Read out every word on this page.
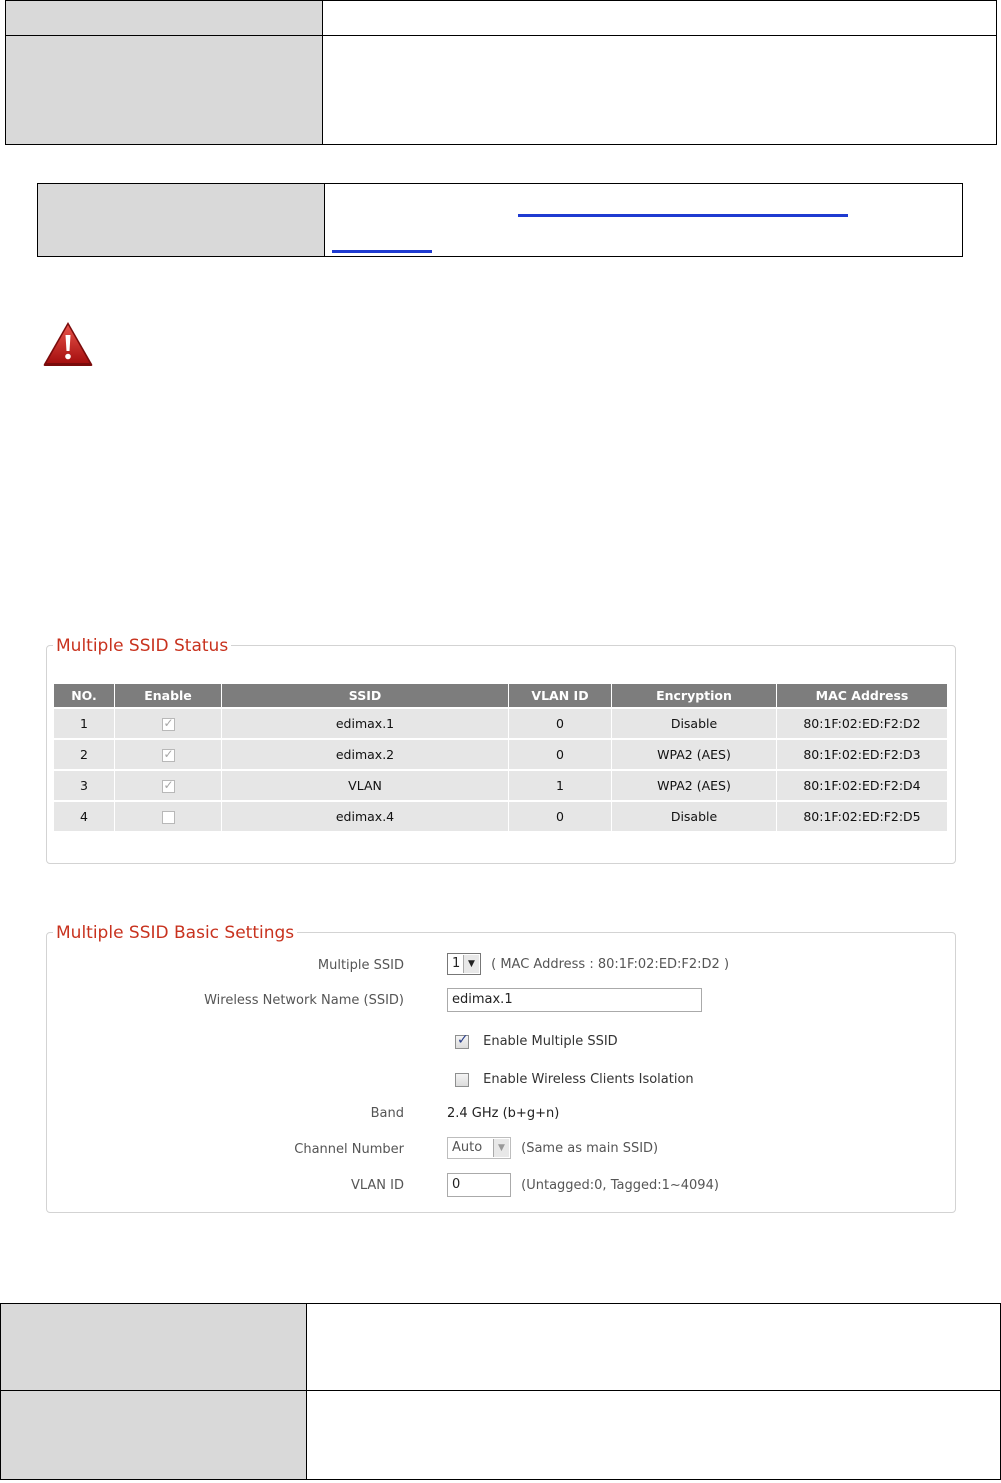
Multiple SSID Status
NO.	Enable	SSID	VLAN ID	Encryption	MAC Address
1	✓	edimax.1	0	Disable	80:1F:02:ED:F2:D2
2	✓	edimax.2	0	WPA2 (AES)	80:1F:02:ED:F2:D3
3	✓	VLAN	1	WPA2 (AES)	80:1F:02:ED:F2:D4
4		edimax.4	0	Disable	80:1F:02:ED:F2:D5
Multiple SSID Basic Settings
Multiple SSID	1 ▼	( MAC Address : 80:1F:02:ED:F2:D2 )
Wireless Network Name (SSID)	edimax.1
✓ Enable Multiple SSID
Enable Wireless Clients Isolation
Band	2.4 GHz (b+g+n)
Channel Number	Auto	▼	(Same as main SSID)
VLAN ID	0	(Untagged:0, Tagged:1~4094)
